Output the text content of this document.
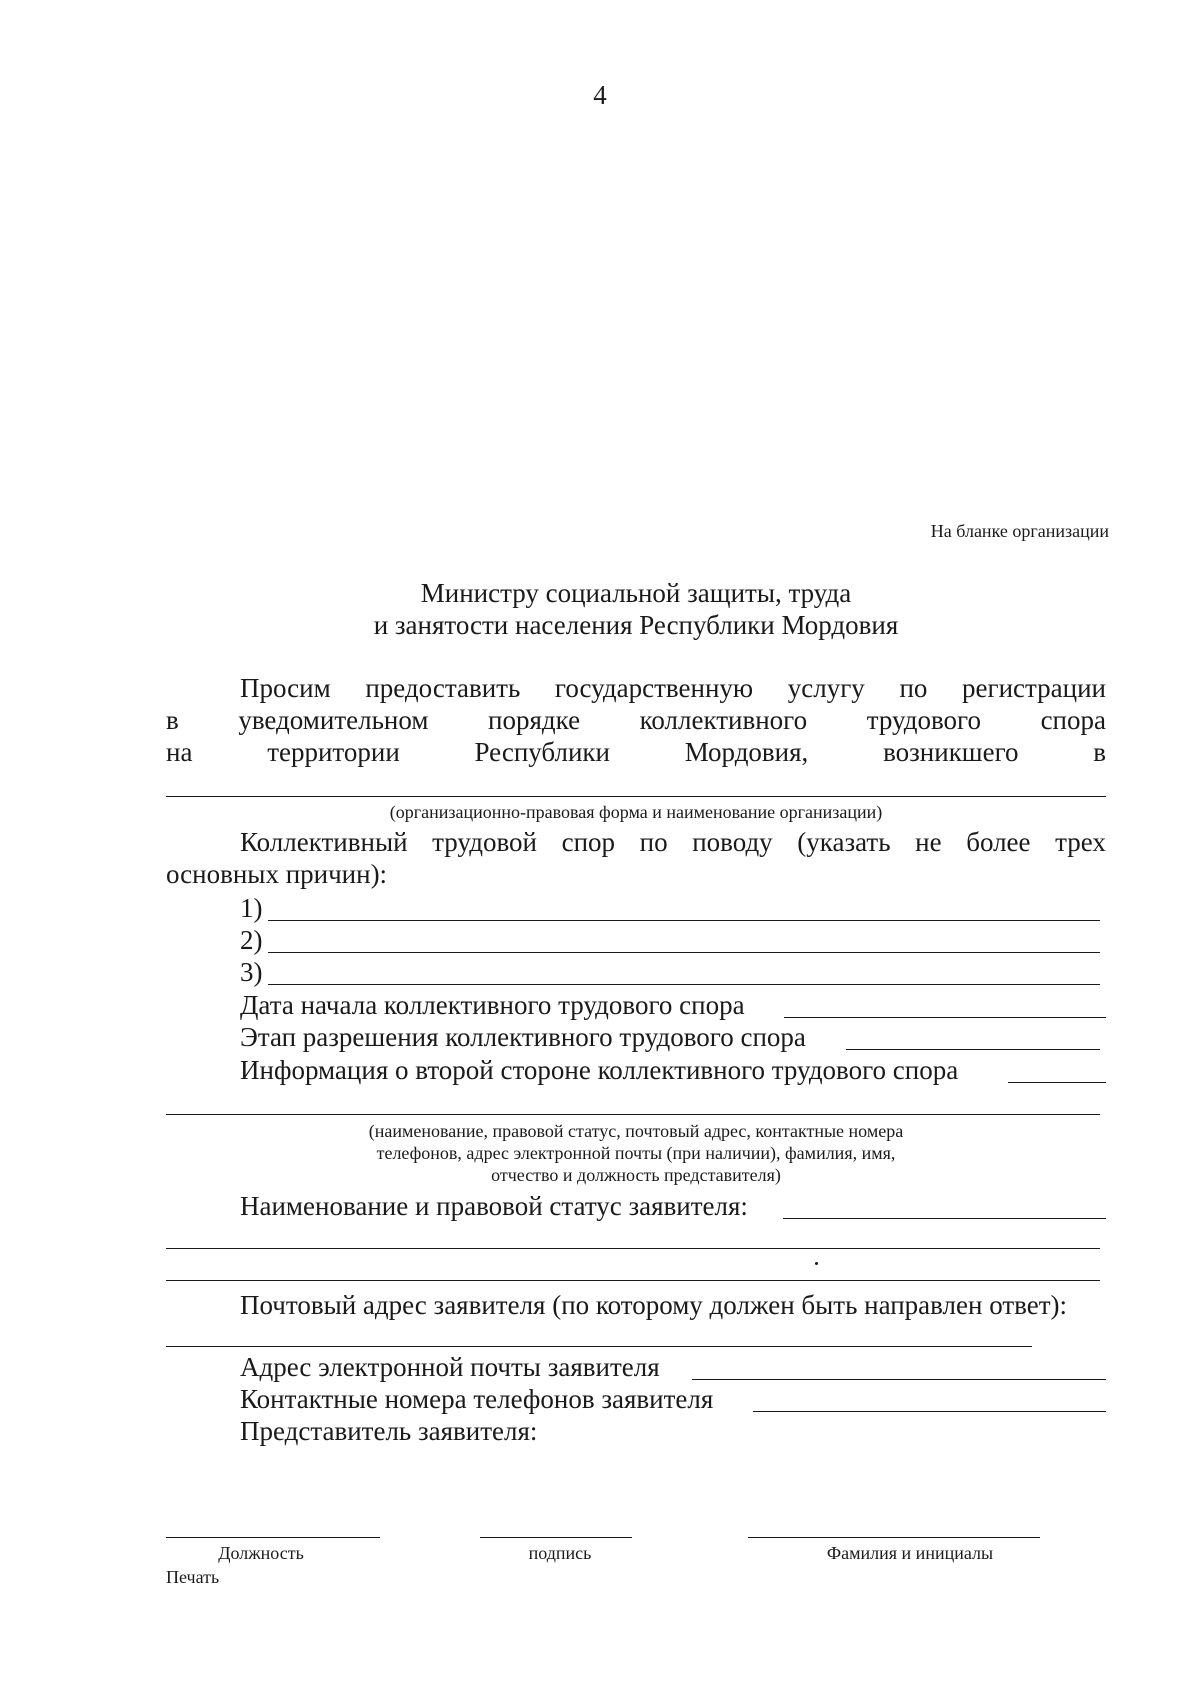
4
На бланке организации
Министру социальной защиты, труда
и занятости населения Республики Мордовия
Просим предоставить государственную услугу по регистрации
в уведомительном порядке коллективного трудового спора
на	территории	Республики	Мордовия,	возникшего	в
(организационно-правовая форма и наименование организации)
Коллективный трудовой спор по поводу (указать не более трех
основных причин):
1)
2)
3)
Дата начала коллективного трудового спора
Этап разрешения коллективного трудового спора
Информация о второй стороне коллективного трудового спора
(наименование, правовой статус, почтовый адрес, контактные номера
телефонов, адрес электронной почты (при наличии), фамилия, имя,
отчество и должность представителя)
Наименование и правовой статус заявителя:
Почтовый адрес заявителя (по которому должен быть направлен ответ):
Адрес электронной почты заявителя
Контактные номера телефонов заявителя
Представитель заявителя:
Должность	подпись	Фамилия и инициалы
Печать
